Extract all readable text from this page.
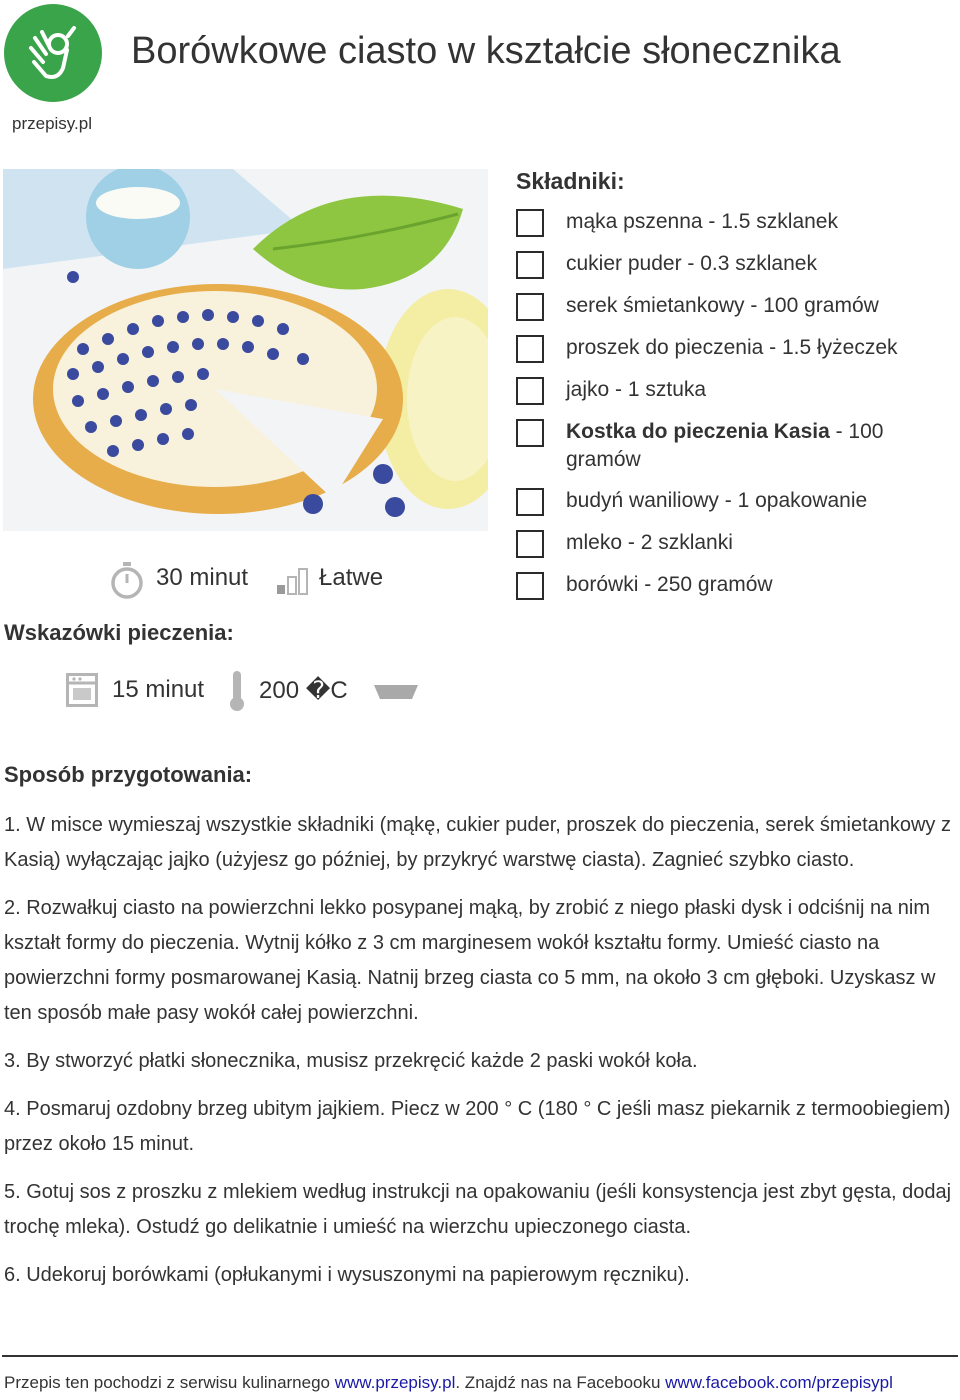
przepisy.pl
Borówkowe ciasto w kształcie słonecznika
30 minut	Łatwe
Wskazówki pieczenia:
15 minut 200 �C
Składniki:
mąka pszenna - 1.5 szklanek
cukier puder - 0.3 szklanek
serek śmietankowy - 100 gramów
proszek do pieczenia - 1.5 łyżeczek
jajko - 1 sztuka
Kostka do pieczenia Kasia - 100 gramów
budyń waniliowy - 1 opakowanie
mleko - 2 szklanki
borówki - 250 gramów
Sposób przygotowania:

1. W misce wymieszaj wszystkie składniki (mąkę, cukier puder, proszek do pieczenia, serek śmietankowy z Kasią) wyłączając jajko (użyjesz go później, by przykryć warstwę ciasta). Zagnieć szybko ciasto.

2. Rozwałkuj ciasto na powierzchni lekko posypanej mąką, by zrobić z niego płaski dysk i odciśnij na nim kształt formy do pieczenia. Wytnij kółko z 3 cm marginesem wokół kształtu formy. Umieść ciasto na powierzchni formy posmarowanej Kasią. Natnij brzeg ciasta co 5 mm, na około 3 cm głęboki. Uzyskasz w ten sposób małe pasy wokół całej powierzchni.

3. By stworzyć płatki słonecznika, musisz przekręcić każde 2 paski wokół koła.

4. Posmaruj ozdobny brzeg ubitym jajkiem. Piecz w 200 ° C (180 ° C jeśli masz piekarnik z termoobiegiem) przez około 15 minut.

5. Gotuj sos z proszku z mlekiem według instrukcji na opakowaniu (jeśli konsystencja jest zbyt gęsta, dodaj trochę mleka). Ostudź go delikatnie i umieść na wierzchu upieczonego ciasta.

6. Udekoruj borówkami (opłukanymi i wysuszonymi na papierowym ręczniku).

Przepis ten pochodzi z serwisu kulinarnego www.przepisy.pl. Znajdź nas na Facebooku www.facebook.com/przepisypl
